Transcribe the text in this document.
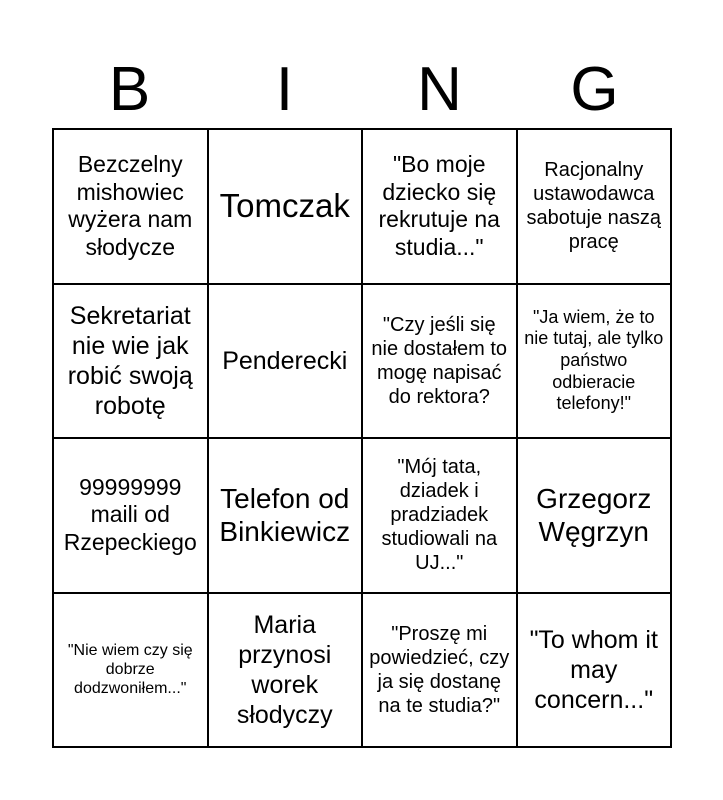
B	I	N	G
Bezczelny mishowiec wyżera nam słodycze
Tomczak
"Bo moje dziecko się rekrutuje na studia..."
Racjonalny ustawodawca sabotuje naszą pracę
Sekretariat nie wie jak robić swoją robotę
Penderecki
"Czy jeśli się nie dostałem to mogę napisać do rektora?
"Ja wiem, że to nie tutaj, ale tylko państwo odbieracie telefony!"
99999999 maili od Rzepeckiego
Telefon od Binkiewicz
"Mój tata, dziadek i pradziadek studiowali na UJ..."
Grzegorz Węgrzyn
"Nie wiem czy się dobrze dodzwoniłem..."
Maria przynosi worek słodyczy
"Proszę mi powiedzieć, czy ja się dostanę na te studia?"
"To whom it may concern..."
